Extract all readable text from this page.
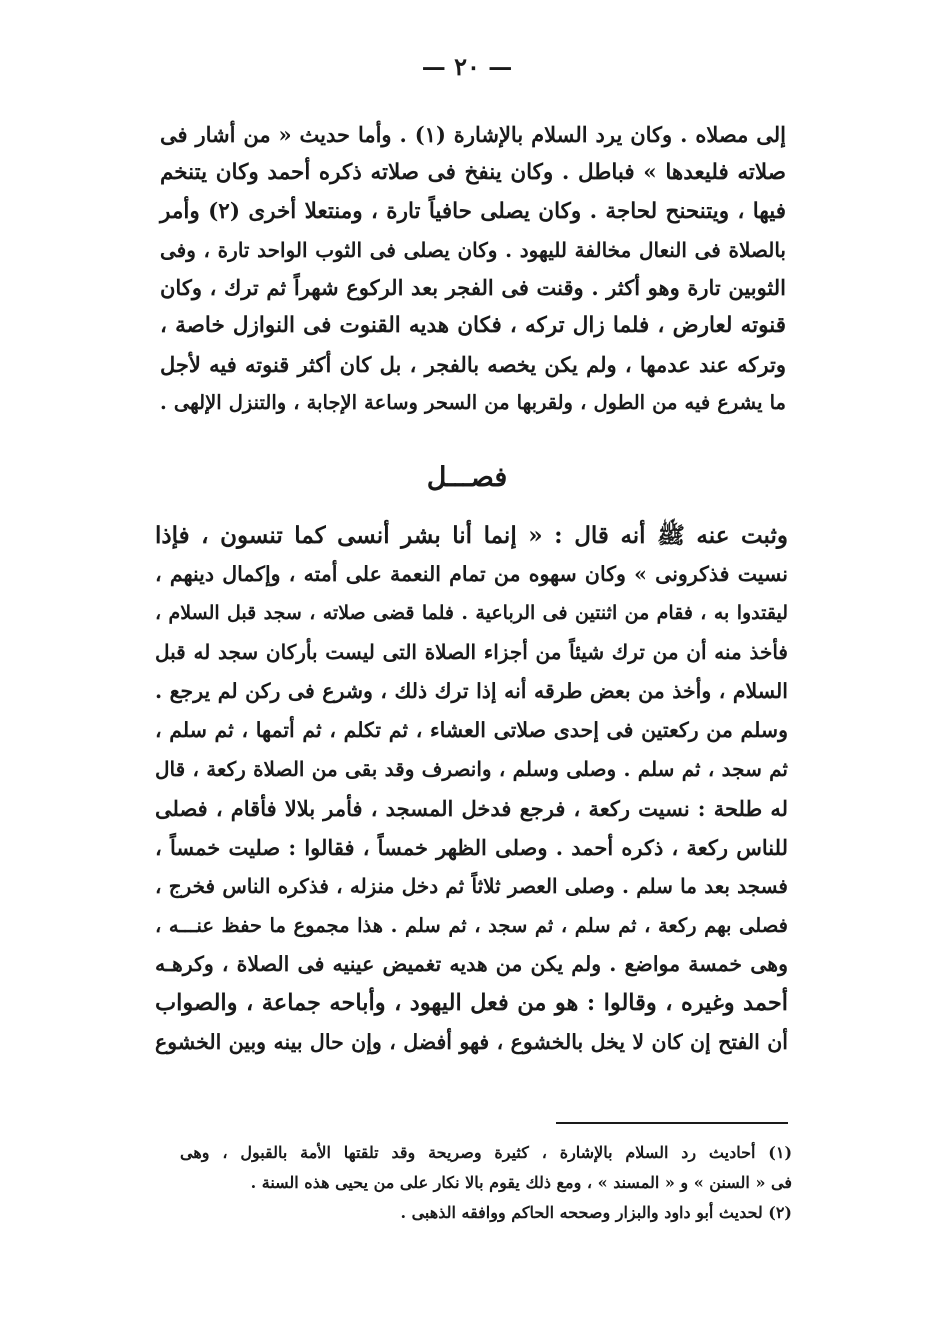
— ٢٠ —
إلى مصلاه . وكان يرد السلام بالإشارة (١) . وأما حديث « من أشار فى
صلاته فليعدها » فباطل . وكان ينفخ فى صلاته ذكره أحمد وكان يتنخم
فيها ، ويتنحنح لحاجة . وكان يصلى حافياً تارة ، ومنتعلا أخرى (٢) وأمر
بالصلاة فى النعال مخالفة لليهود . وكان يصلى فى الثوب الواحد تارة ، وفى
الثوبين تارة وهو أكثر . وقنت فى الفجر بعد الركوع شهراً ثم ترك ، وكان
قنوته لعارض ، فلما زال تركه ، فكان هديه القنوت فى النوازل خاصة ،
وتركه عند عدمها ، ولم يكن يخصه بالفجر ، بل كان أكثر قنوته فيه لأجل
ما يشرع فيه من الطول ، ولقربها من السحر وساعة الإجابة ، والتنزل الإلهى .
فصـــل
وثبت عنه ﷺ أنه قال : « إنما أنا بشر أنسى كما تنسون ، فإذا
نسيت فذكرونى » وكان سهوه من تمام النعمة على أمته ، وإكمال دينهم ،
ليقتدوا به ، فقام من اثنتين فى الرباعية . فلما قضى صلاته ، سجد قبل السلام ،
فأخذ منه أن من ترك شيئاً من أجزاء الصلاة التى ليست بأركان سجد له قبل
السلام ، وأخذ من بعض طرقه أنه إذا ترك ذلك ، وشرع فى ركن لم يرجع .
وسلم من ركعتين فى إحدى صلاتى العشاء ، ثم تكلم ، ثم أتمها ، ثم سلم ،
ثم سجد ، ثم سلم . وصلى وسلم ، وانصرف وقد بقى من الصلاة ركعة ، قال
له طلحة : نسيت ركعة ، فرجع فدخل المسجد ، فأمر بلالا فأقام ، فصلى
للناس ركعة ، ذكره أحمد . وصلى الظهر خمساً ، فقالوا : صليت خمساً ،
فسجد بعد ما سلم . وصلى العصر ثلاثاً ثم دخل منزله ، فذكره الناس فخرج ،
فصلى بهم ركعة ، ثم سلم ، ثم سجد ، ثم سلم . هذا مجموع ما حفظ عنـــه ،
وهى خمسة مواضع . ولم يكن من هديه تغميض عينيه فى الصلاة ، وكرهـه
أحمد وغيره ، وقالوا : هو من فعل اليهود ، وأباحه جماعة ، والصواب
أن الفتح إن كان لا يخل بالخشوع ، فهو أفضل ، وإن حال بينه وبين الخشوع
(١) أحاديث رد السلام بالإشارة ، كثيرة وصريحة وقد تلقتها الأمة بالقبول ، وهى
فى « السنن » و « المسند » ، ومع ذلك يقوم بالا نكار على من يحيى هذه السنة .
(٢) لحديث أبو داود والبزار وصححه الحاكم ووافقه الذهبى .
